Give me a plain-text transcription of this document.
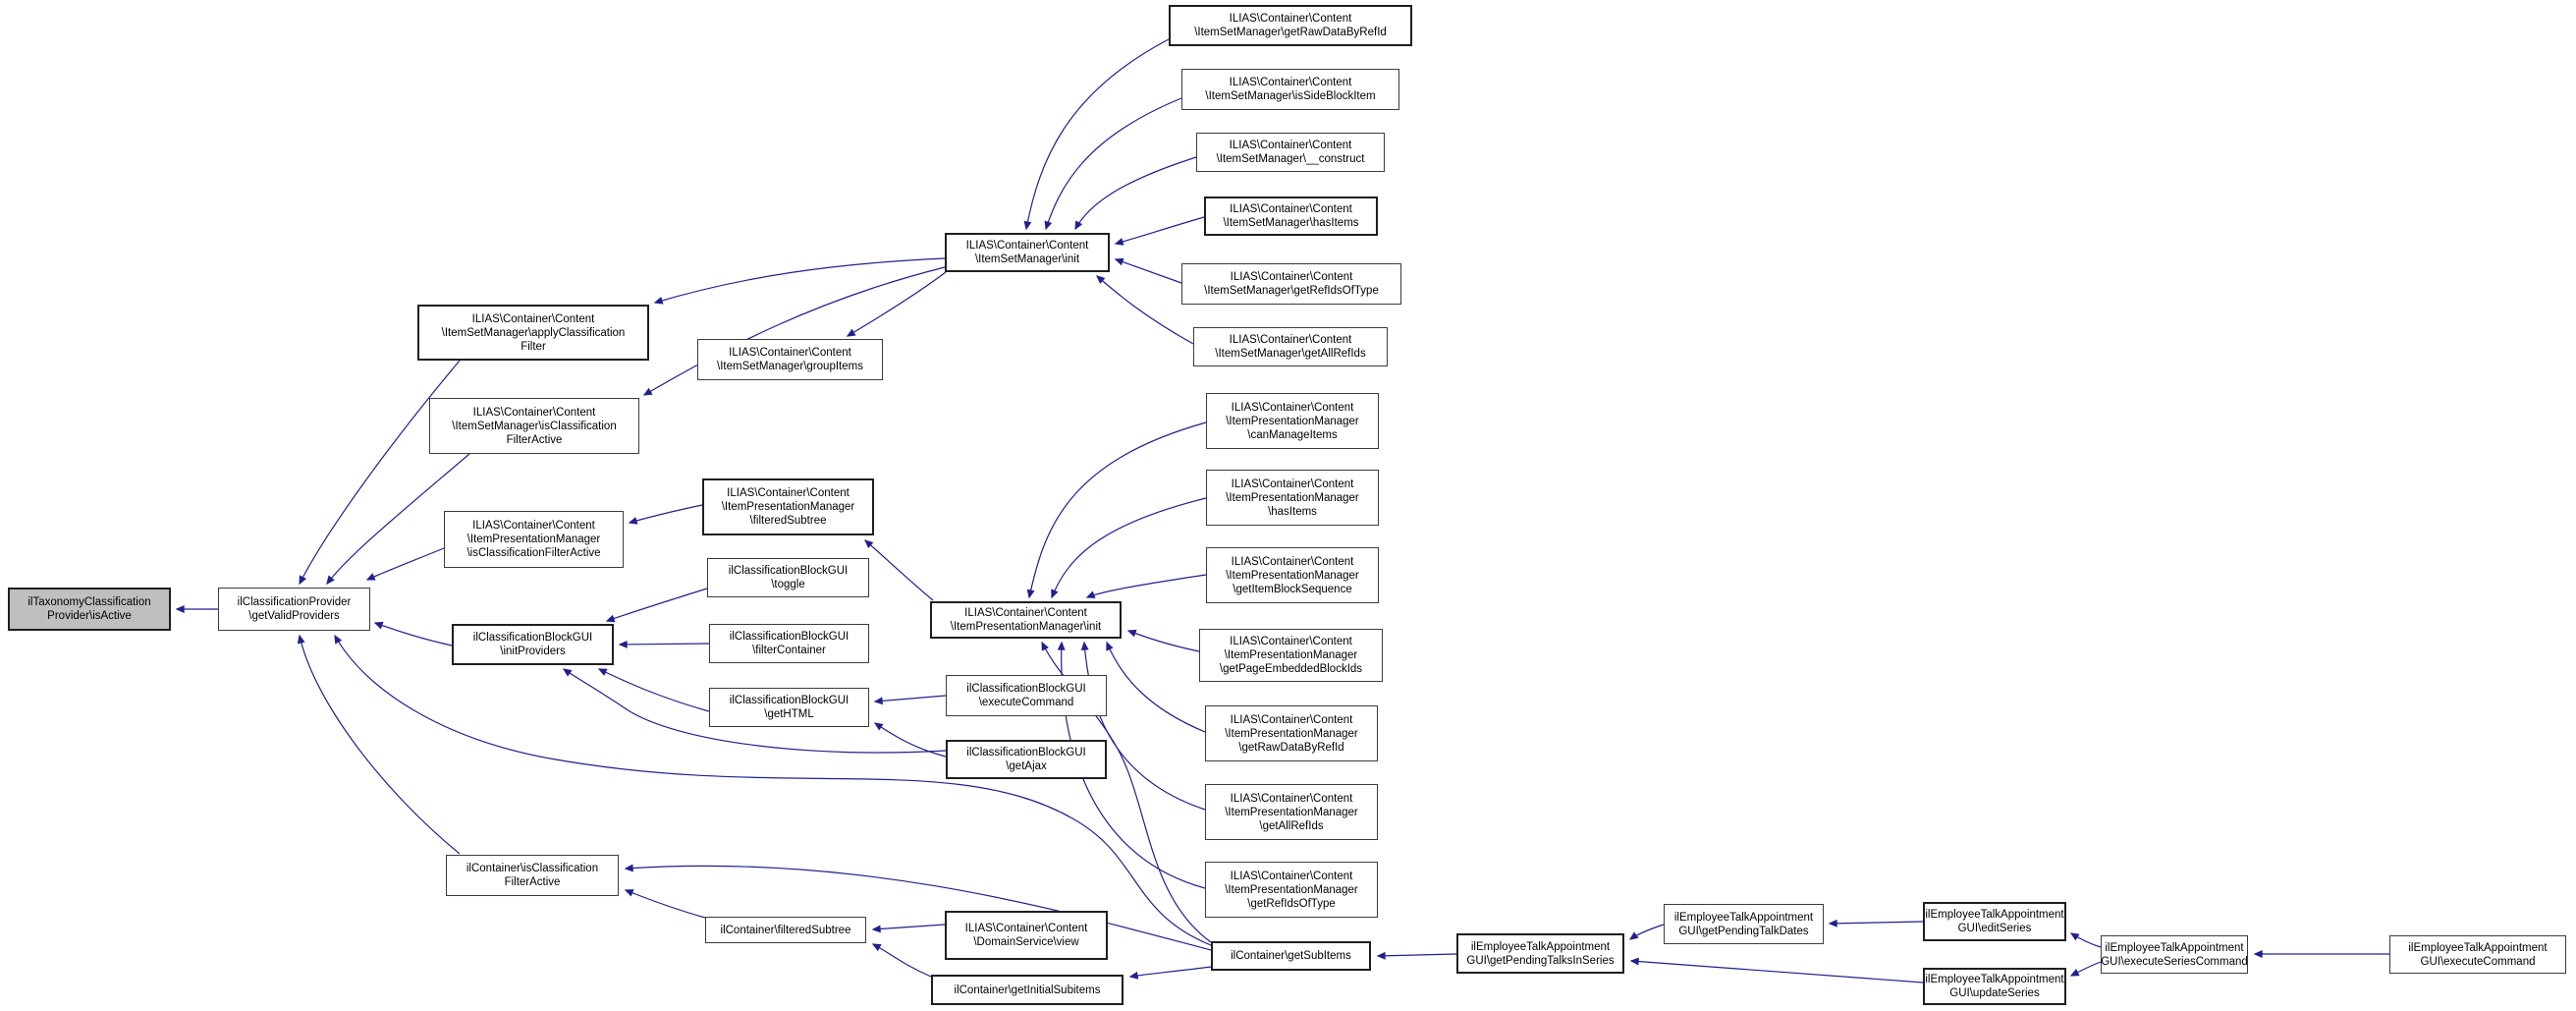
ilTaxonomyClassification
Provider\isActive
ilClassificationProvider
\getValidProviders
ILIAS\Container\Content
\ItemSetManager\applyClassification
Filter
ILIAS\Container\Content
\ItemSetManager\isClassification
FilterActive
ILIAS\Container\Content
\ItemSetManager\groupItems
ILIAS\Container\Content
\ItemSetManager\init
ILIAS\Container\Content
\ItemSetManager\getRawDataByRefId
ILIAS\Container\Content
\ItemSetManager\isSideBlockItem
ILIAS\Container\Content
\ItemSetManager\__construct
ILIAS\Container\Content
\ItemSetManager\hasItems
ILIAS\Container\Content
\ItemSetManager\getRefIdsOfType
ILIAS\Container\Content
\ItemSetManager\getAllRefIds
ILIAS\Container\Content
\ItemPresentationManager
\isClassificationFilterActive
ILIAS\Container\Content
\ItemPresentationManager
\filteredSubtree
ilClassificationBlockGUI
\toggle
ilClassificationBlockGUI
\initProviders
ilClassificationBlockGUI
\filterContainer
ilClassificationBlockGUI
\getHTML
ilClassificationBlockGUI
\executeCommand
ilClassificationBlockGUI
\getAjax
ILIAS\Container\Content
\ItemPresentationManager\init
ILIAS\Container\Content
\ItemPresentationManager
\canManageItems
ILIAS\Container\Content
\ItemPresentationManager
\hasItems
ILIAS\Container\Content
\ItemPresentationManager
\getItemBlockSequence
ILIAS\Container\Content
\ItemPresentationManager
\getPageEmbeddedBlockIds
ILIAS\Container\Content
\ItemPresentationManager
\getRawDataByRefId
ILIAS\Container\Content
\ItemPresentationManager
\getAllRefIds
ILIAS\Container\Content
\ItemPresentationManager
\getRefIdsOfType
ilContainer\isClassification
FilterActive
ilContainer\filteredSubtree	ILIAS\Container\Content
\DomainService\view
ilContainer\getInitialSubitems
ilContainer\getSubItems
ilEmployeeTalkAppointment
GUI\getPendingTalksInSeries
ilEmployeeTalkAppointment
GUI\getPendingTalkDates
ilEmployeeTalkAppointment
GUI\editSeries
ilEmployeeTalkAppointment
GUI\updateSeries
ilEmployeeTalkAppointment
GUI\executeSeriesCommand
ilEmployeeTalkAppointment
GUI\executeCommand
